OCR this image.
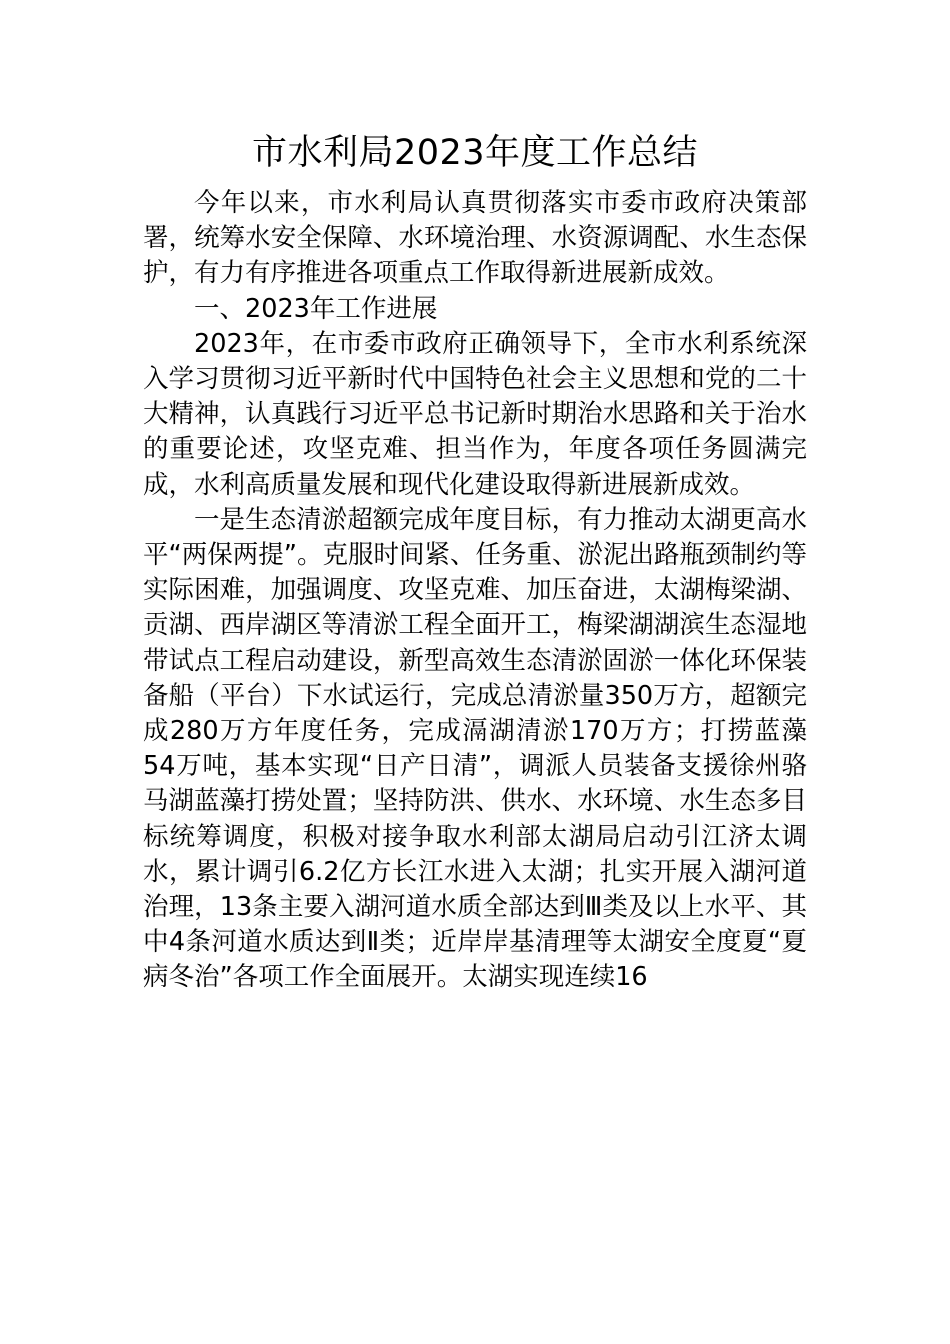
市水利局2023年度工作总结

今年以来，市水利局认真贯彻落实市委市政府决策部署，统筹水安全保障、水环境治理、水资源调配、水生态保护，有力有序推进各项重点工作取得新进展新成效。

一、2023年工作进展

2023年，在市委市政府正确领导下，全市水利系统深入学习贯彻习近平新时代中国特色社会主义思想和党的二十大精神，认真践行习近平总书记新时期治水思路和关于治水的重要论述，攻坚克难、担当作为，年度各项任务圆满完成，水利高质量发展和现代化建设取得新进展新成效。

一是生态清淤超额完成年度目标，有力推动太湖更高水平“两保两提”。克服时间紧、任务重、淤泥出路瓶颈制约等实际困难，加强调度、攻坚克难、加压奋进，太湖梅梁湖、贡湖、西岸湖区等清淤工程全面开工，梅梁湖湖滨生态湿地带试点工程启动建设，新型高效生态清淤固淤一体化环保装备船（平台）下水试运行，完成总清淤量350万方，超额完成280万方年度任务，完成滆湖清淤170万方；打捞蓝藻54万吨，基本实现“日产日清”，调派人员装备支援徐州骆马湖蓝藻打捞处置；坚持防洪、供水、水环境、水生态多目标统筹调度，积极对接争取水利部太湖局启动引江济太调水，累计调引6.2亿方长江水进入太湖；扎实开展入湖河道治理，13条主要入湖河道水质全部达到Ⅲ类及以上水平、其中4条河道水质达到Ⅱ类；近岸岸基清理等太湖安全度夏“夏病冬治”各项工作全面展开。太湖实现连续16
